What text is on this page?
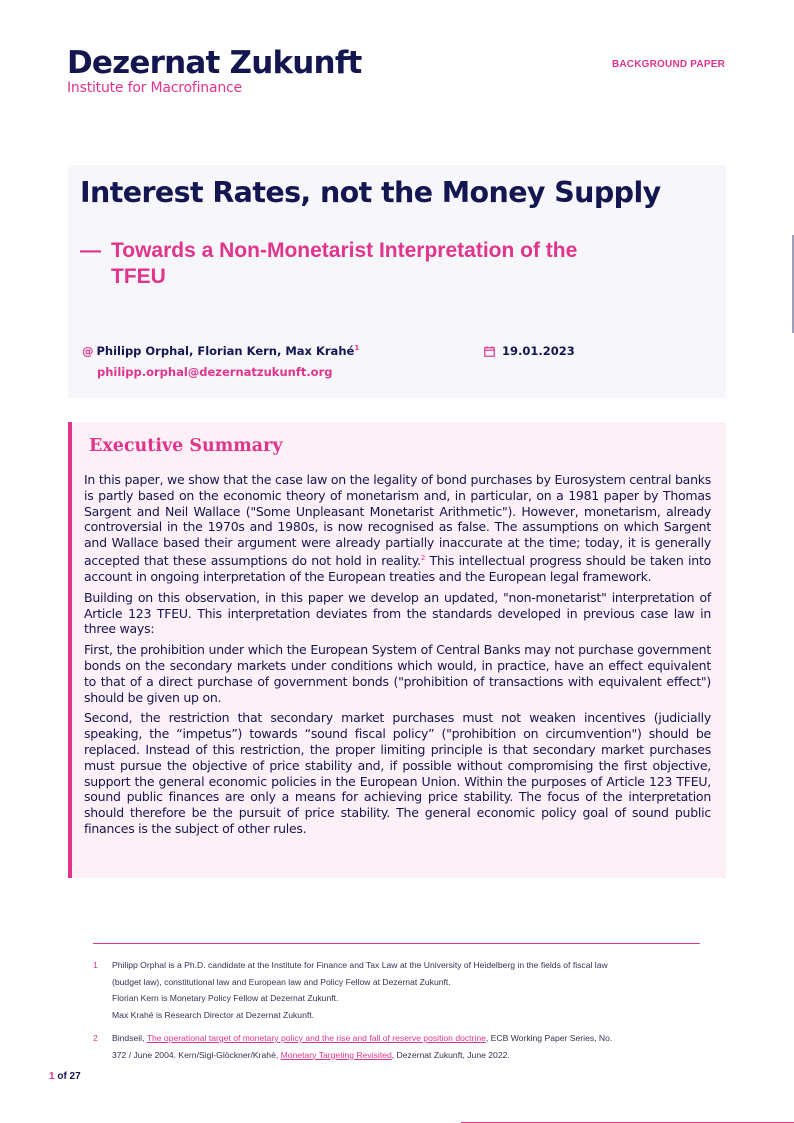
Dezernat Zukunft
Institute for Macrofinance
BACKGROUND PAPER
Interest Rates, not the Money Supply
— Towards a Non-Monetarist Interpretation of the
TFEU
@ Philipp Orphal, Florian Kern, Max Krahé$^1$
philipp.orphal@dezernatzukunft.org
19.01.2023
Executive Summary

In this paper, we show that the case law on the legality of bond purchases by Eurosystem central banks is partly based on the economic theory of monetarism and, in particular, on a 1981 paper by Thomas Sargent and Neil Wallace ("Some Unpleasant Monetarist Arithmetic"). However, monetarism, already controversial in the 1970s and 1980s, is now recognised as false. The assumptions on which Sargent and Wallace based their argument were already partially inaccurate at the time; today, it is generally accepted that these assumptions do not hold in reality.$^2$ This intellectual progress should be taken into account in ongoing interpretation of the European treaties and the European legal framework.

Building on this observation, in this paper we develop an updated, "non-monetarist" interpretation of Article 123 TFEU. This interpretation deviates from the standards developed in previous case law in three ways:

First, the prohibition under which the European System of Central Banks may not purchase government bonds on the secondary markets under conditions which would, in practice, have an effect equivalent to that of a direct purchase of government bonds ("prohibition of transactions with equivalent effect") should be given up on.

Second, the restriction that secondary market purchases must not weaken incentives (judicially speaking, the “impetus”) towards “sound fiscal policy” ("prohibition on circumvention") should be replaced. Instead of this restriction, the proper limiting principle is that secondary market purchases must pursue the objective of price stability and, if possible without compromising the first objective, support the general economic policies in the European Union. Within the purposes of Article 123 TFEU, sound public finances are only a means for achieving price stability. The focus of the interpretation should therefore be the pursuit of price stability. The general economic policy goal of sound public finances is the subject of other rules.

1	Philipp Orphal is a Ph.D. candidate at the Institute for Finance and Tax Law at the University of Heidelberg in the fields of fiscal law
(budget law), constitutional law and European law and Policy Fellow at Dezernat Zukunft.
Florian Kern is Monetary Policy Fellow at Dezernat Zukunft.
Max Krahé is Research Director at Dezernat Zukunft.
2	Bindseil, The operational target of monetary policy and the rise and fall of reserve position doctrine, ECB Working Paper Series, No.
372 / June 2004. Kern/Sigl-Glöckner/Krahé, Monetary Targeting Revisited, Dezernat Zukunft, June 2022.
1 of 27
